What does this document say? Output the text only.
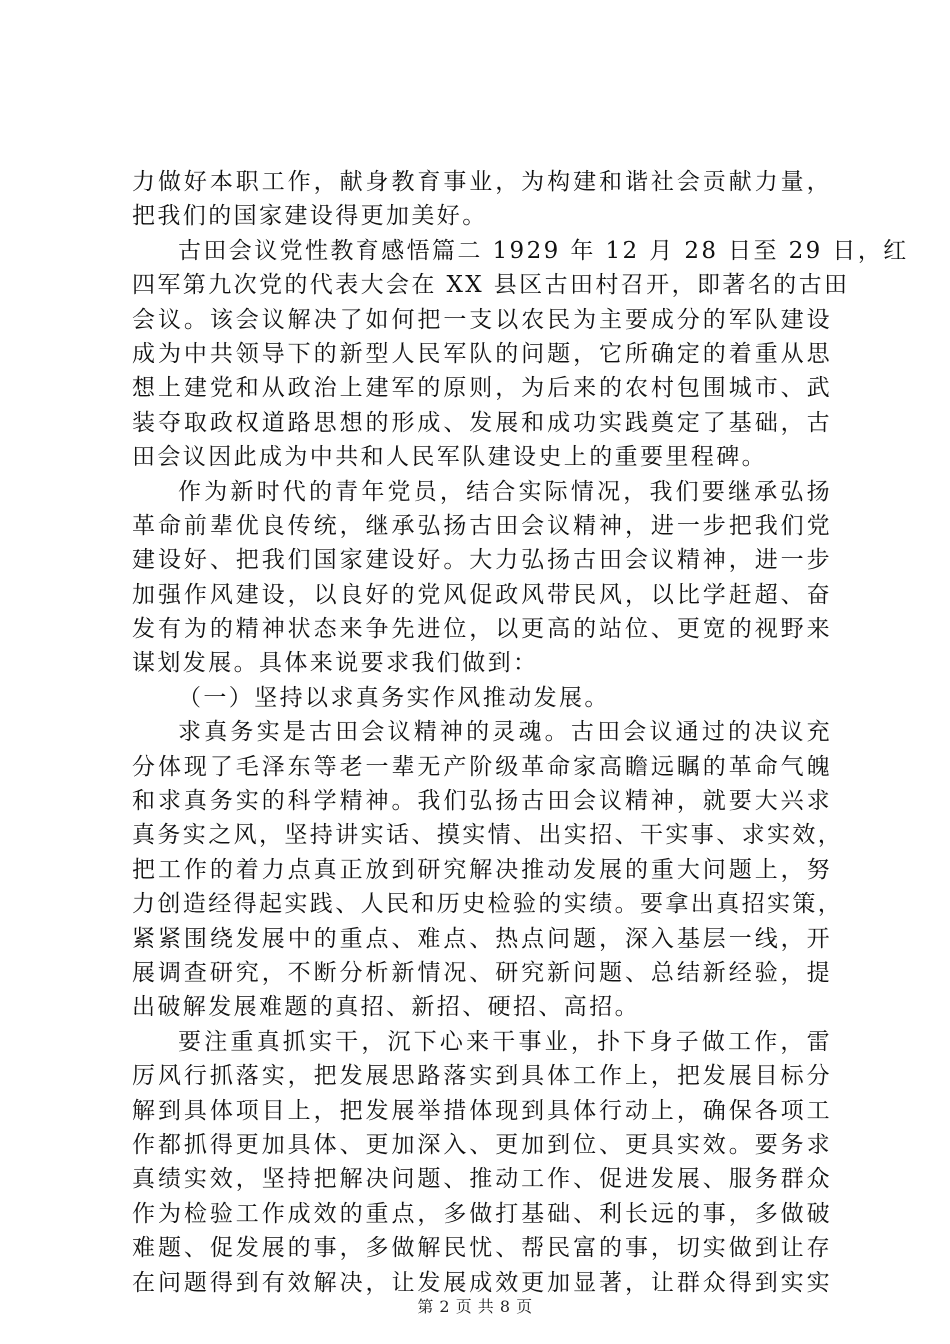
力做好本职工作，献身教育事业，为构建和谐社会贡献力量，
把我们的国家建设得更加美好。
古田会议党性教育感悟篇二 1929 年 12 月 28 日至 29 日，红
四军第九次党的代表大会在 XX 县区古田村召开，即著名的古田
会议。该会议解决了如何把一支以农民为主要成分的军队建设
成为中共领导下的新型人民军队的问题，它所确定的着重从思
想上建党和从政治上建军的原则，为后来的农村包围城市、武
装夺取政权道路思想的形成、发展和成功实践奠定了基础，古
田会议因此成为中共和人民军队建设史上的重要里程碑。
作为新时代的青年党员，结合实际情况，我们要继承弘扬
革命前辈优良传统，继承弘扬古田会议精神，进一步把我们党
建设好、把我们国家建设好。大力弘扬古田会议精神，进一步
加强作风建设，以良好的党风促政风带民风，以比学赶超、奋
发有为的精神状态来争先进位，以更高的站位、更宽的视野来
谋划发展。具体来说要求我们做到：
（一）坚持以求真务实作风推动发展。
求真务实是古田会议精神的灵魂。古田会议通过的决议充
分体现了毛泽东等老一辈无产阶级革命家高瞻远瞩的革命气魄
和求真务实的科学精神。我们弘扬古田会议精神，就要大兴求
真务实之风，坚持讲实话、摸实情、出实招、干实事、求实效，
把工作的着力点真正放到研究解决推动发展的重大问题上，努
力创造经得起实践、人民和历史检验的实绩。要拿出真招实策，
紧紧围绕发展中的重点、难点、热点问题，深入基层一线，开
展调查研究，不断分析新情况、研究新问题、总结新经验，提
出破解发展难题的真招、新招、硬招、高招。
要注重真抓实干，沉下心来干事业，扑下身子做工作，雷
厉风行抓落实，把发展思路落实到具体工作上，把发展目标分
解到具体项目上，把发展举措体现到具体行动上，确保各项工
作都抓得更加具体、更加深入、更加到位、更具实效。要务求
真绩实效，坚持把解决问题、推动工作、促进发展、服务群众
作为检验工作成效的重点，多做打基础、利长远的事，多做破
难题、促发展的事，多做解民忧、帮民富的事，切实做到让存
在问题得到有效解决，让发展成效更加显著，让群众得到实实
第 2 页 共 8 页
